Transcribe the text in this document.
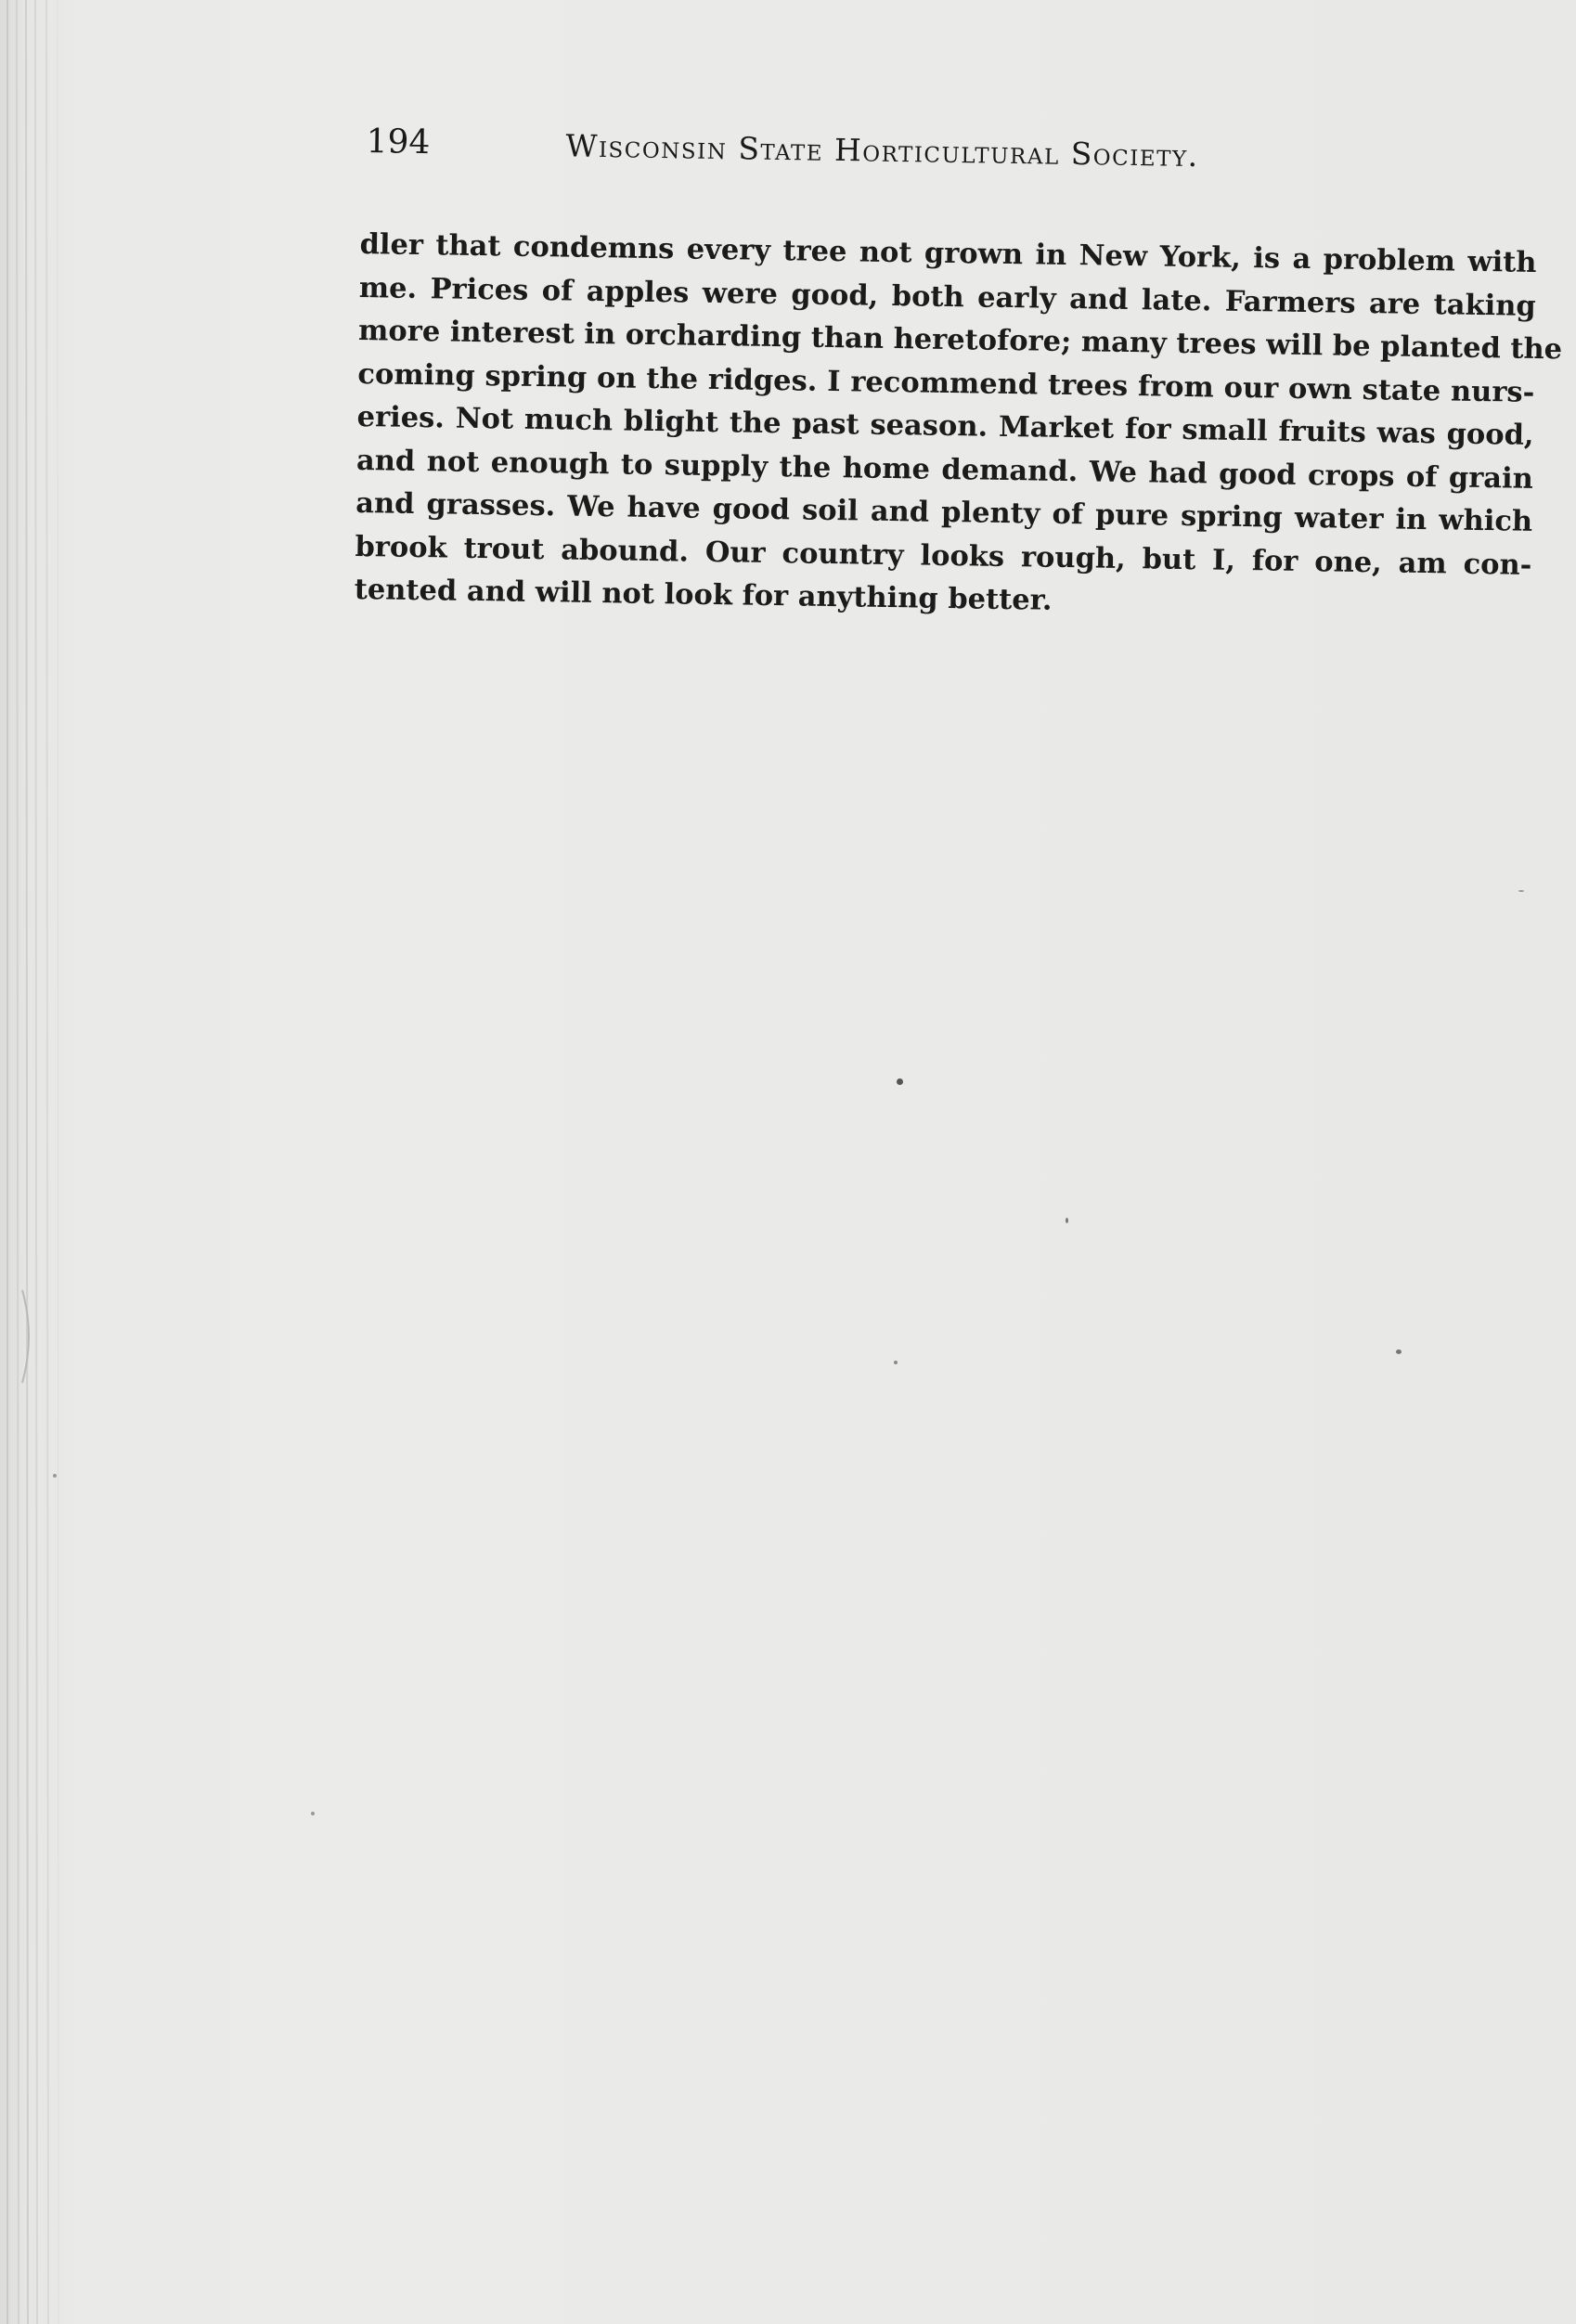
194	Wisconsin State Horticultural Society.
dler that condemns every tree not grown in New York, is a problem with
me. Prices of apples were good, both early and late. Farmers are taking
more interest in orcharding than heretofore; many trees will be planted the
coming spring on the ridges. I recommend trees from our own state nurs-
eries. Not much blight the past season. Market for small fruits was good,
and not enough to supply the home demand. We had good crops of grain
and grasses. We have good soil and plenty of pure spring water in which
brook trout abound. Our country looks rough, but I, for one, am con-
tented and will not look for anything better.
